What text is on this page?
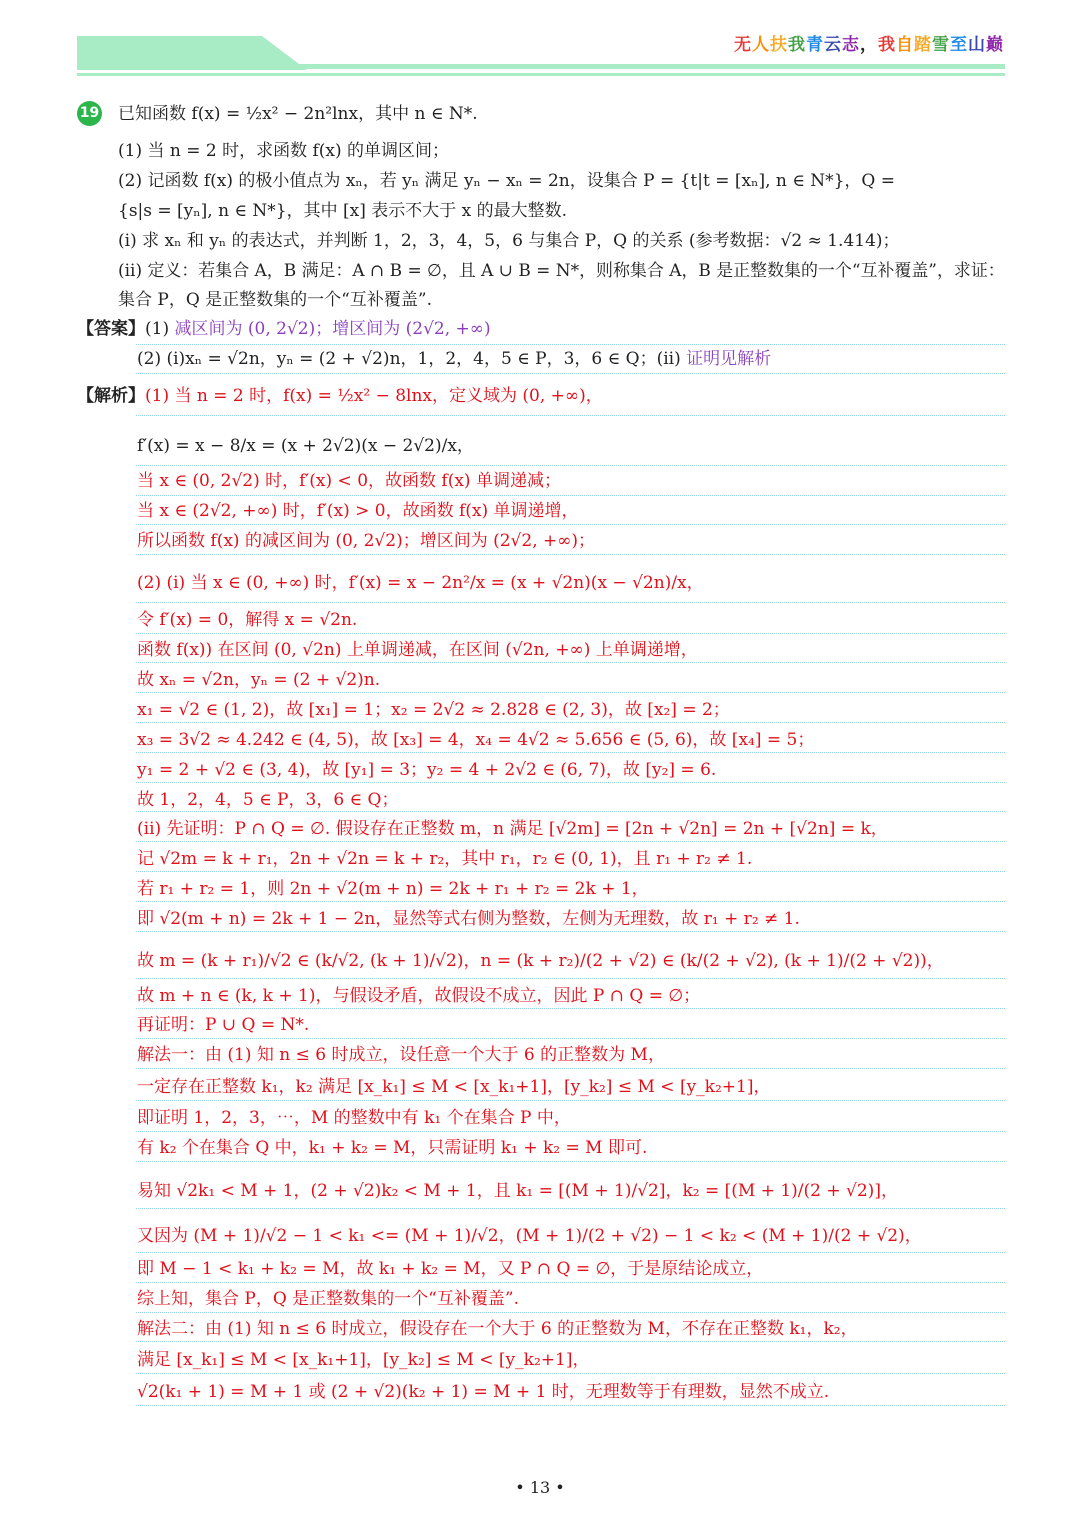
无人扶我青云志，我自踏雪至山巅
19 已知函数 f(x) = ½x² − 2n²lnx，其中 n ∈ N*.
(1) 当 n = 2 时，求函数 f(x) 的单调区间；
(2) 记函数 f(x) 的极小值点为 xₙ，若 yₙ 满足 yₙ − xₙ = 2n，设集合 P = {t|t = [xₙ], n ∈ N*}，Q =
{s|s = [yₙ], n ∈ N*}，其中 [x] 表示不大于 x 的最大整数.
(i) 求 xₙ 和 yₙ 的表达式，并判断 1，2，3，4，5，6 与集合 P，Q 的关系 (参考数据：√2 ≈ 1.414)；
(ii) 定义：若集合 A，B 满足：A ∩ B = ∅，且 A ∪ B = N*，则称集合 A，B 是正整数集的一个“互补覆盖”，求证：
集合 P，Q 是正整数集的一个“互补覆盖”.
【答案】(1) 减区间为 (0, 2√2)；增区间为 (2√2, +∞)
(2) (i)xₙ = √2n，yₙ = (2 + √2)n，1，2，4，5 ∈ P，3，6 ∈ Q；(ii) 证明见解析
【解析】(1) 当 n = 2 时，f(x) = ½x² − 8lnx，定义域为 (0, +∞)，
f′(x) = x − 8/x = (x + 2√2)(x − 2√2)/x，
当 x ∈ (0, 2√2) 时，f′(x) < 0，故函数 f(x) 单调递减；
当 x ∈ (2√2, +∞) 时，f′(x) > 0，故函数 f(x) 单调递增，
所以函数 f(x) 的减区间为 (0, 2√2)；增区间为 (2√2, +∞)；
(2) (i) 当 x ∈ (0, +∞) 时，f′(x) = x − 2n²/x = (x + √2n)(x − √2n)/x，
令 f′(x) = 0，解得 x = √2n.
函数 f(x)) 在区间 (0, √2n) 上单调递减，在区间 (√2n, +∞) 上单调递增，
故 xₙ = √2n，yₙ = (2 + √2)n.
x₁ = √2 ∈ (1, 2)，故 [x₁] = 1；x₂ = 2√2 ≈ 2.828 ∈ (2, 3)，故 [x₂] = 2；
x₃ = 3√2 ≈ 4.242 ∈ (4, 5)，故 [x₃] = 4，x₄ = 4√2 ≈ 5.656 ∈ (5, 6)，故 [x₄] = 5；
y₁ = 2 + √2 ∈ (3, 4)，故 [y₁] = 3；y₂ = 4 + 2√2 ∈ (6, 7)，故 [y₂] = 6.
故 1，2，4，5 ∈ P，3，6 ∈ Q；
(ii) 先证明：P ∩ Q = ∅. 假设存在正整数 m，n 满足 [√2m] = [2n + √2n] = 2n + [√2n] = k，
记 √2m = k + r₁，2n + √2n = k + r₂，其中 r₁，r₂ ∈ (0, 1)，且 r₁ + r₂ ≠ 1.
若 r₁ + r₂ = 1，则 2n + √2(m + n) = 2k + r₁ + r₂ = 2k + 1，
即 √2(m + n) = 2k + 1 − 2n，显然等式右侧为整数，左侧为无理数，故 r₁ + r₂ ≠ 1.
故 m = (k + r₁)/√2 ∈ (k/√2, (k + 1)/√2)，n = (k + r₂)/(2 + √2) ∈ (k/(2 + √2), (k + 1)/(2 + √2))，
故 m + n ∈ (k, k + 1)，与假设矛盾，故假设不成立，因此 P ∩ Q = ∅；
再证明：P ∪ Q = N*.
解法一：由 (1) 知 n ≤ 6 时成立，设任意一个大于 6 的正整数为 M，
一定存在正整数 k₁，k₂ 满足 [x_k₁] ≤ M < [x_k₁+1]，[y_k₂] ≤ M < [y_k₂+1]，
即证明 1，2，3，⋯，M 的整数中有 k₁ 个在集合 P 中，
有 k₂ 个在集合 Q 中，k₁ + k₂ = M，只需证明 k₁ + k₂ = M 即可.
易知 √2k₁ < M + 1，(2 + √2)k₂ < M + 1，且 k₁ = [(M + 1)/√2]，k₂ = [(M + 1)/(2 + √2)]，
又因为 (M + 1)/√2 − 1 < k₁ <= (M + 1)/√2，(M + 1)/(2 + √2) − 1 < k₂ < (M + 1)/(2 + √2)，
即 M − 1 < k₁ + k₂ = M，故 k₁ + k₂ = M，又 P ∩ Q = ∅，于是原结论成立，
综上知，集合 P，Q 是正整数集的一个“互补覆盖”.
解法二：由 (1) 知 n ≤ 6 时成立，假设存在一个大于 6 的正整数为 M，不存在正整数 k₁，k₂，
满足 [x_k₁] ≤ M < [x_k₁+1]，[y_k₂] ≤ M < [y_k₂+1]，
√2(k₁ + 1) = M + 1 或 (2 + √2)(k₂ + 1) = M + 1 时，无理数等于有理数，显然不成立.
• 13 •
